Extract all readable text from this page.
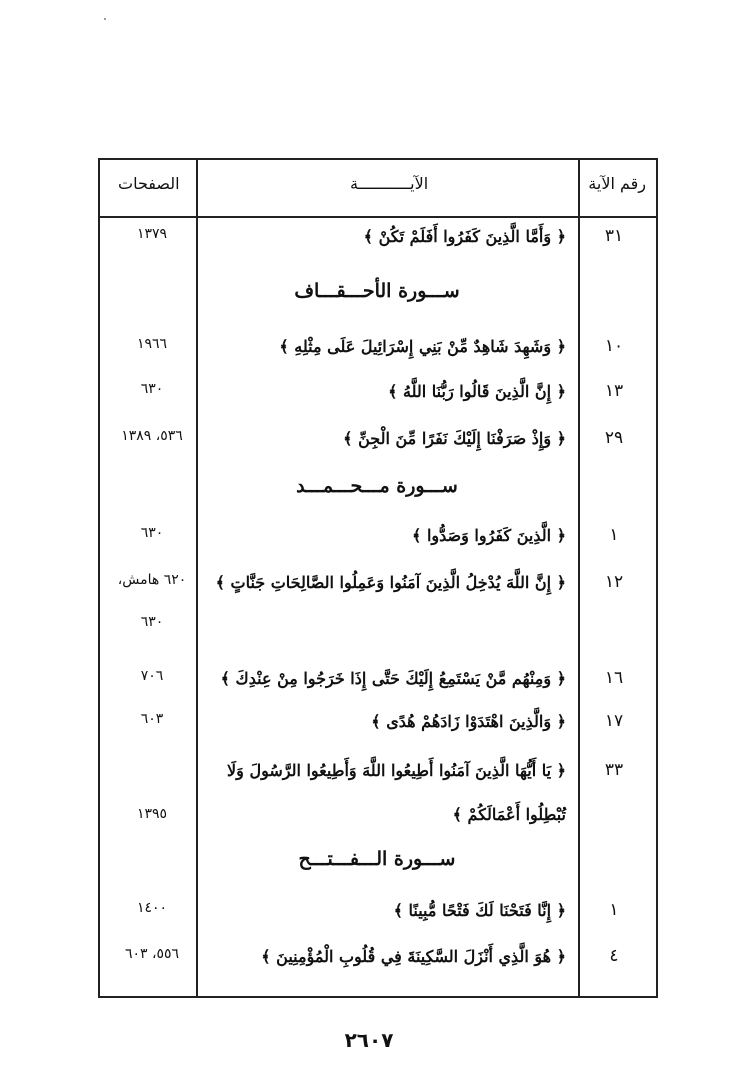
رقم الآية
الآيـــــــــــة
الصفحات
٣١
﴿ وَأَمَّا الَّذِينَ كَفَرُوا أَفَلَمْ تَكُنْ ﴾
١٣٧٩
ســـورة الأحـــقـــاف
١٠
﴿ وَشَهِدَ شَاهِدٌ مِّنْ بَنِي إِسْرَائِيلَ عَلَى مِثْلِهِ ﴾
١٩٦٦
١٣
﴿ إِنَّ الَّذِينَ قَالُوا رَبُّنَا اللَّهُ ﴾
٦٣٠
٢٩
﴿ وَإِذْ صَرَفْنَا إِلَيْكَ نَفَرًا مِّنَ الْجِنِّ ﴾
٥٣٦، ١٣٨٩
ســـورة مـــحـــمـــد
١
﴿ الَّذِينَ كَفَرُوا وَصَدُّوا ﴾
٦٣٠
١٢
﴿ إِنَّ اللَّهَ يُدْخِلُ الَّذِينَ آمَنُوا وَعَمِلُوا الصَّالِحَاتِ جَنَّاتٍ ﴾
٦٢٠ هامش،
٦٣٠
١٦
﴿ وَمِنْهُم مَّنْ يَسْتَمِعُ إِلَيْكَ حَتَّى إِذَا خَرَجُوا مِنْ عِنْدِكَ ﴾
٧٠٦
١٧
﴿ وَالَّذِينَ اهْتَدَوْا زَادَهُمْ هُدًى ﴾
٦٠٣
٣٣
﴿ يَا أَيُّهَا الَّذِينَ آمَنُوا أَطِيعُوا اللَّهَ وَأَطِيعُوا الرَّسُولَ وَلَا
تُبْطِلُوا أَعْمَالَكُمْ ﴾
١٣٩٥
ســـورة الـــفـــتـــح
١
﴿ إِنَّا فَتَحْنَا لَكَ فَتْحًا مُّبِينًا ﴾
١٤٠٠
٤
﴿ هُوَ الَّذِي أَنْزَلَ السَّكِينَةَ فِي قُلُوبِ الْمُؤْمِنِينَ ﴾
٥٥٦، ٦٠٣
٢٦٠٧
